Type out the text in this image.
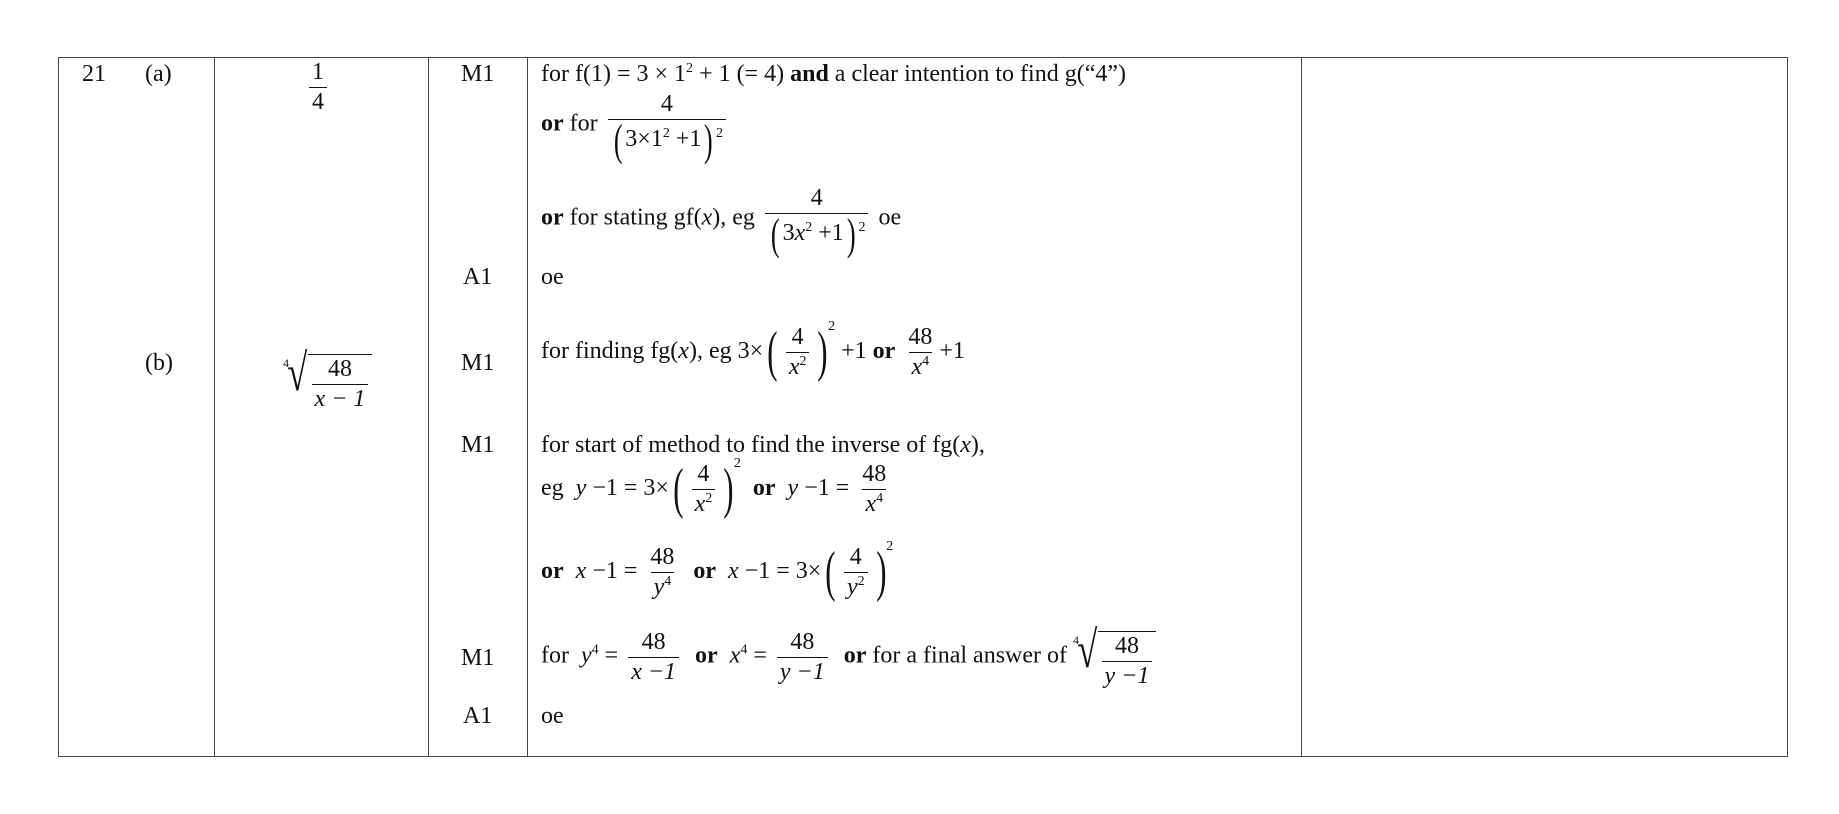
21 (a)
(b)
$\frac{1}{4}$
4
√ $\frac{48}{x - 1}$
M1
A1
M1
M1
M1
A1
for $f(1) = 3 \times 1^2 + 1$ (= 4) and a clear intention to find g(“4”)
or for $\frac{4}{( 3\times 1^2 +1) ^2}$
or for stating gf(x), eg $\frac{4}{( 3x^2 +1) ^2}$ oe
oe
for finding fg(x), eg $3\times( \frac{4}{x^2} )^2 +1$ or $\frac{48}{x^4} +1$
for start of method to find the inverse of fg(x),
eg $y -1 = 3\times( \frac{4}{x^2} )^2$  or $y -1 = \frac{48}{x^4}$
or $x -1 = \frac{48}{y^4}$ or $x -1 = 3\times( \frac{4}{y^2} )^2$
for $y^4 = \frac{48}{x -1}$ or $x^4 = \frac{48}{y -1}$ or for a final answer of
4
√ $\frac{48}{y -1}$
oe
